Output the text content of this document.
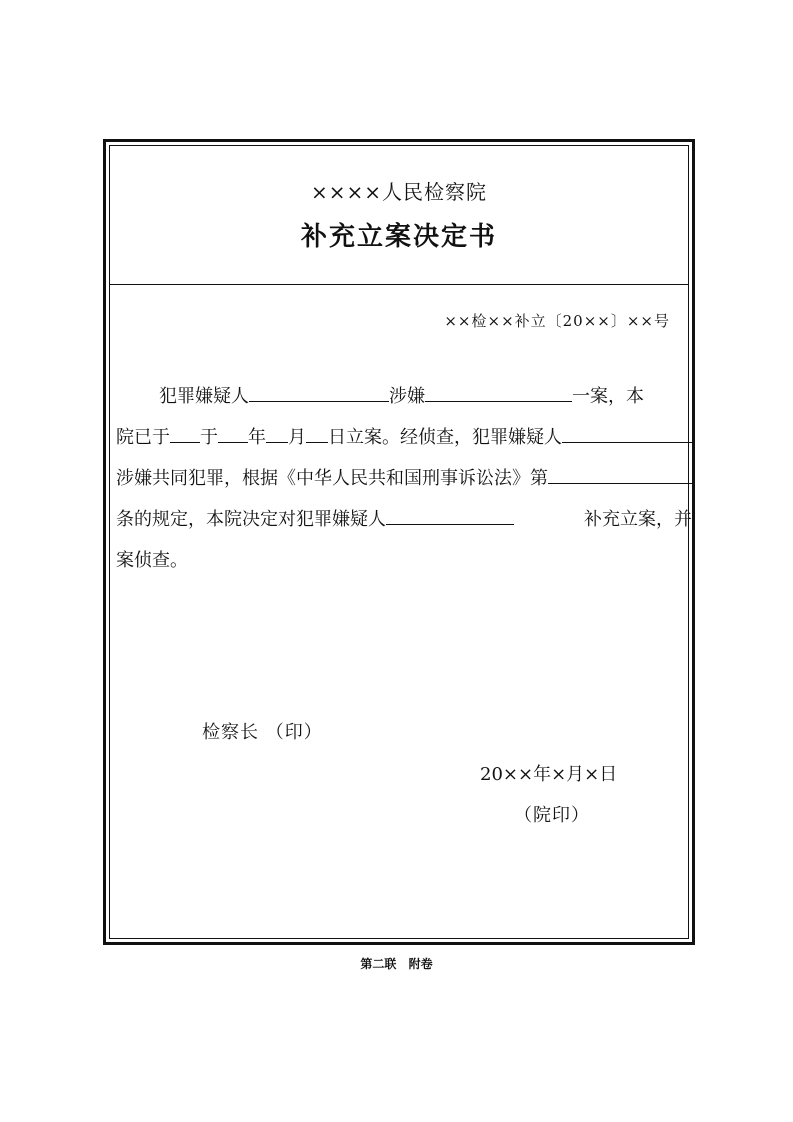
××××人民检察院
补充立案决定书
××检××补立〔20××〕××号
犯罪嫌疑人	涉嫌	一案，本
院已于 于 年 月 日立案。经侦查，犯罪嫌疑人
涉嫌共同犯罪，根据《中华人民共和国刑事诉讼法》第
条的规定，本院决定对犯罪嫌疑人	补充立案，并
案侦查。
检察长 （印）
20××年×月×日
（院印）
第二联 附卷
